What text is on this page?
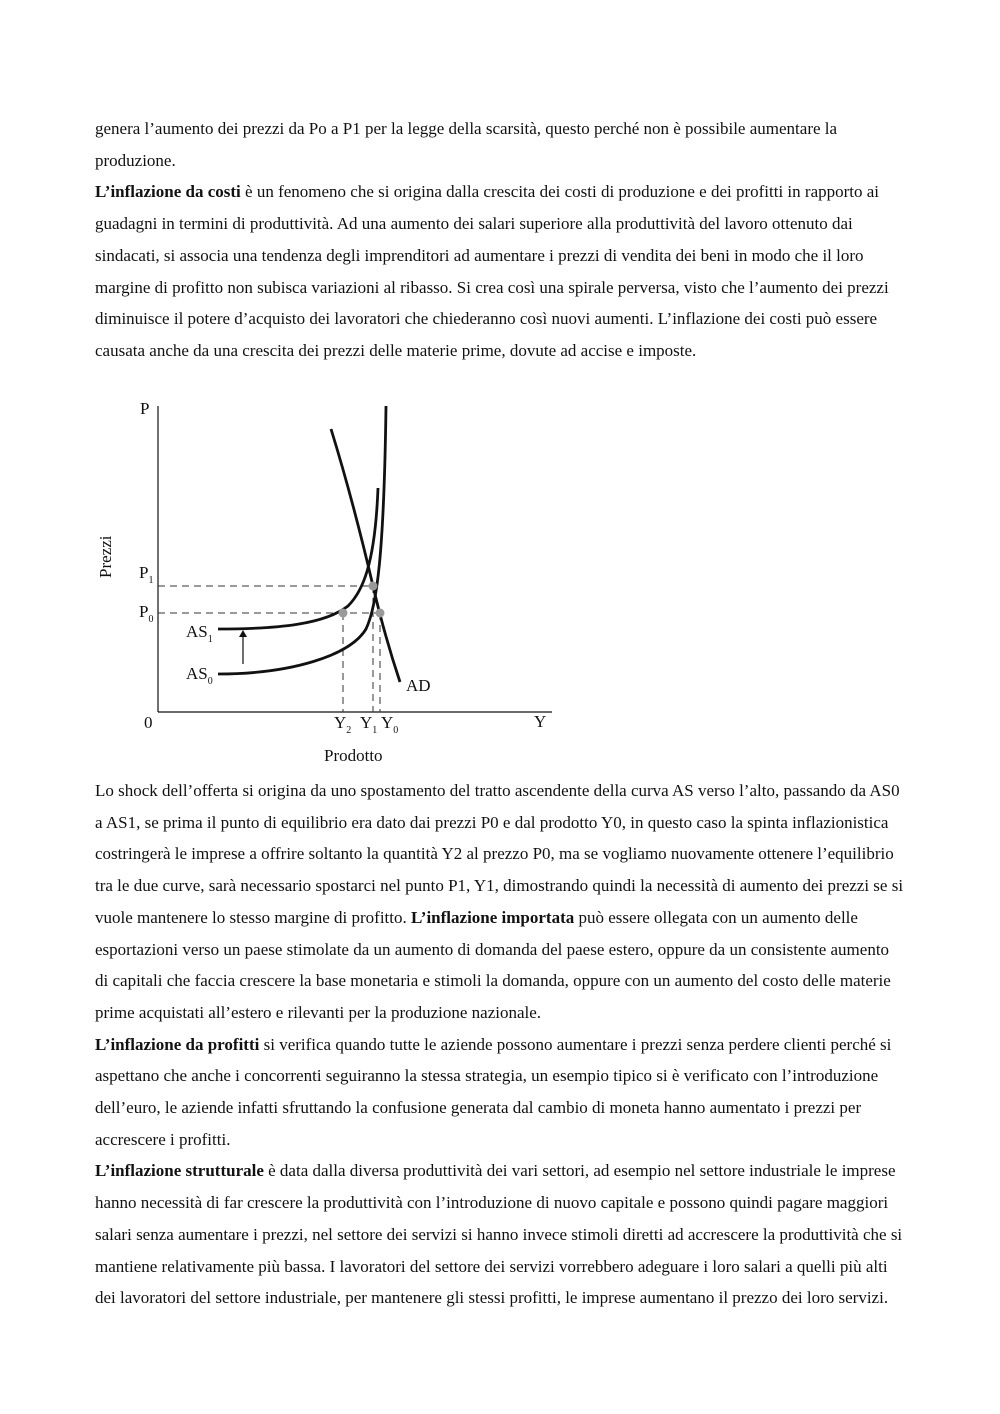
genera l’aumento dei prezzi da Po a P1 per la legge della scarsità, questo perché non è possibile aumentare la produzione.

L’inflazione da costi è un fenomeno che si origina dalla crescita dei costi di produzione e dei profitti in rapporto ai guadagni in termini di produttività. Ad una aumento dei salari superiore alla produttività del lavoro ottenuto dai sindacati, si associa una tendenza degli imprenditori ad aumentare i prezzi di vendita dei beni in modo che il loro margine di profitto non subisca variazioni al ribasso. Si crea così una spirale perversa, visto che l’aumento dei prezzi diminuisce il potere d’acquisto dei lavoratori che chiederanno così nuovi aumenti. L’inflazione dei costi può essere causata anche da una crescita dei prezzi delle materie prime, dovute ad accise e imposte.

P
Prezzi
Y
Prodotto
0
$P_1$
$P_0$
$AS_1$
$AS_0$	AD
$Y_2$ $Y_1$ $Y_0$

Lo shock dell’offerta si origina da uno spostamento del tratto ascendente della curva AS verso l’alto, passando da AS0 a AS1, se prima il punto di equilibrio era dato dai prezzi P0 e dal prodotto Y0, in questo caso la spinta inflazionistica costringerà le imprese a offrire soltanto la quantità Y2 al prezzo P0, ma se vogliamo nuovamente ottenere l’equilibrio tra le due curve, sarà necessario spostarci nel punto P1, Y1, dimostrando quindi la necessità di aumento dei prezzi se si vuole mantenere lo stesso margine di profitto. L’inflazione importata può essere ollegata con un aumento delle esportazioni verso un paese stimolate da un aumento di domanda del paese estero, oppure da un consistente aumento di capitali che faccia crescere la base monetaria e stimoli la domanda, oppure con un aumento del costo delle materie prime acquistati all’estero e rilevanti per la produzione nazionale.

L’inflazione da profitti si verifica quando tutte le aziende possono aumentare i prezzi senza perdere clienti perché si aspettano che anche i concorrenti seguiranno la stessa strategia, un esempio tipico si è verificato con l’introduzione dell’euro, le aziende infatti sfruttando la confusione generata dal cambio di moneta hanno aumentato i prezzi per accrescere i profitti.

L’inflazione strutturale è data dalla diversa produttività dei vari settori, ad esempio nel settore industriale le imprese hanno necessità di far crescere la produttività con l’introduzione di nuovo capitale e possono quindi pagare maggiori salari senza aumentare i prezzi, nel settore dei servizi si hanno invece stimoli diretti ad accrescere la produttività che si mantiene relativamente più bassa. I lavoratori del settore dei servizi vorrebbero adeguare i loro salari a quelli più alti dei lavoratori del settore industriale, per mantenere gli stessi profitti, le imprese aumentano il prezzo dei loro servizi.
